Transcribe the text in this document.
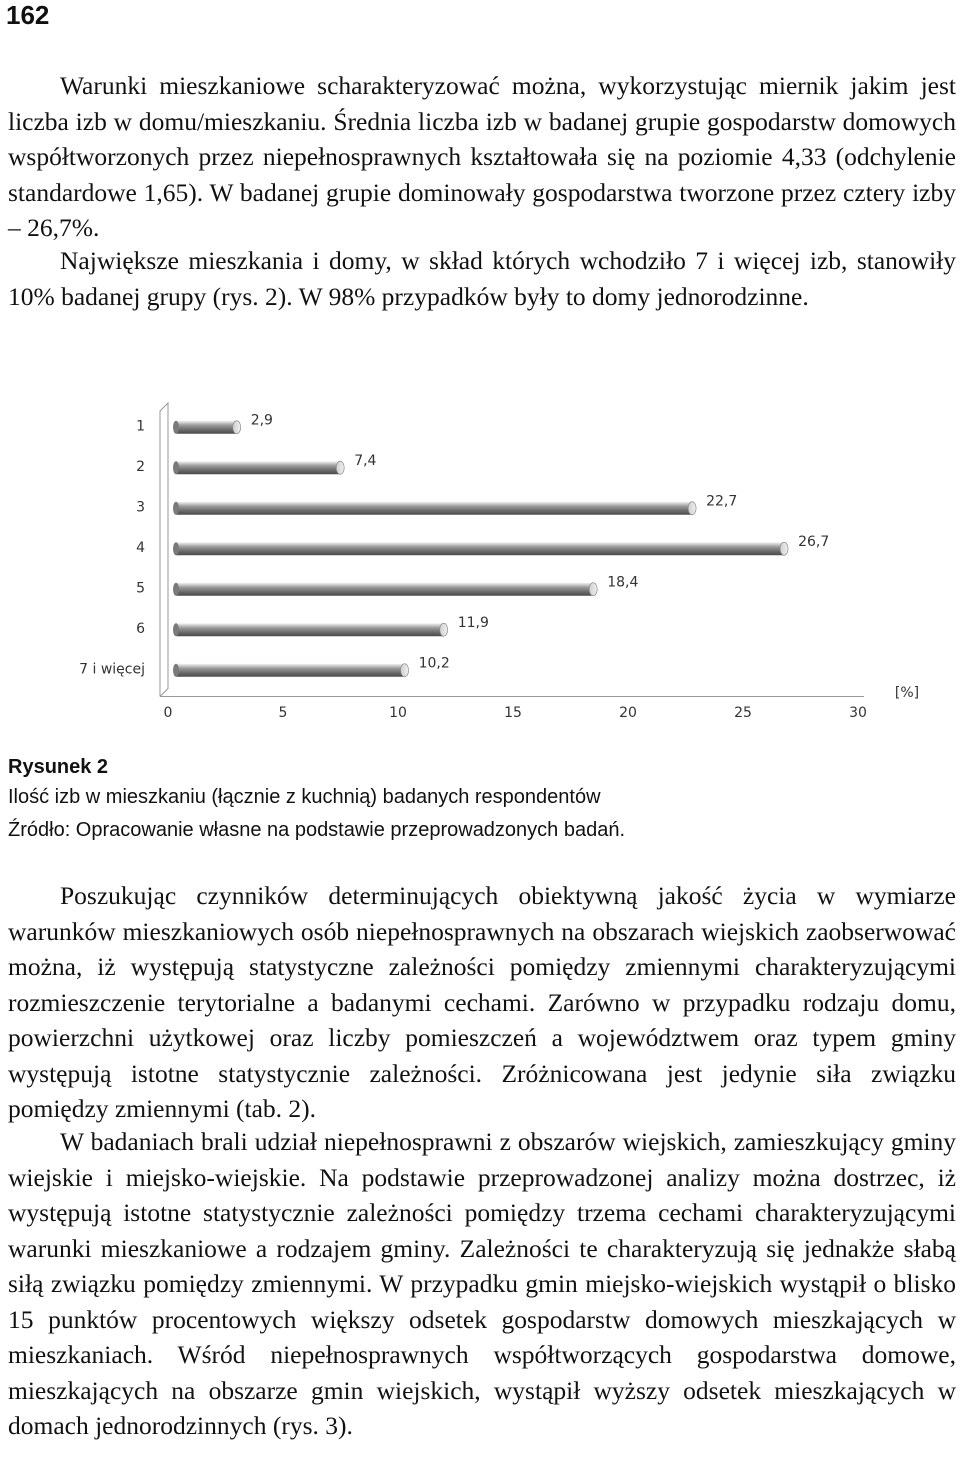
162

Warunki mieszkaniowe scharakteryzować można, wykorzystując miernik jakim jest liczba izb w domu/mieszkaniu. Średnia liczba izb w badanej grupie gospodarstw domowych współtworzonych przez niepełnosprawnych kształtowała się na poziomie 4,33 (odchylenie standardowe 1,65). W badanej grupie dominowały gospodarstwa tworzone przez cztery izby – 26,7%.

Największe mieszkania i domy, w skład których wchodziło 7 i więcej izb, stanowiły 10% badanej grupy (rys. 2). W 98% przypadków były to domy jednorodzinne.

0	5	10	15	20	25	30
[%]
1	2,9
2	7,4
3	22,7
4	26,7
5	18,4
6	11,9
7 i więcej	10,2
Rysunek 2
Ilość izb w mieszkaniu (łącznie z kuchnią) badanych respondentów
Źródło: Opracowanie własne na podstawie przeprowadzonych badań.

Poszukując czynników determinujących obiektywną jakość życia w wymiarze warunków mieszkaniowych osób niepełnosprawnych na obszarach wiejskich zaobserwować można, iż występują statystyczne zależności pomiędzy zmiennymi charakteryzującymi rozmieszczenie terytorialne a badanymi cechami. Zarówno w przypadku rodzaju domu, powierzchni użytkowej oraz liczby pomieszczeń a województwem oraz typem gminy występują istotne statystycznie zależności. Zróżnicowana jest jedynie siła związku pomiędzy zmiennymi (tab. 2).

W badaniach brali udział niepełnosprawni z obszarów wiejskich, zamieszkujący gminy wiejskie i miejsko-wiejskie. Na podstawie przeprowadzonej analizy można dostrzec, iż występują istotne statystycznie zależności pomiędzy trzema cechami charakteryzującymi warunki mieszkaniowe a rodzajem gminy. Zależności te charakteryzują się jednakże słabą siłą związku pomiędzy zmiennymi. W przypadku gmin miejsko-wiejskich wystąpił o blisko 15 punktów procentowych większy odsetek gospodarstw domowych mieszkających w mieszkaniach. Wśród niepełnosprawnych współtworzących gospodarstwa domowe, mieszkających na obszarze gmin wiejskich, wystąpił wyższy odsetek mieszkających w domach jednorodzinnych (rys. 3).
